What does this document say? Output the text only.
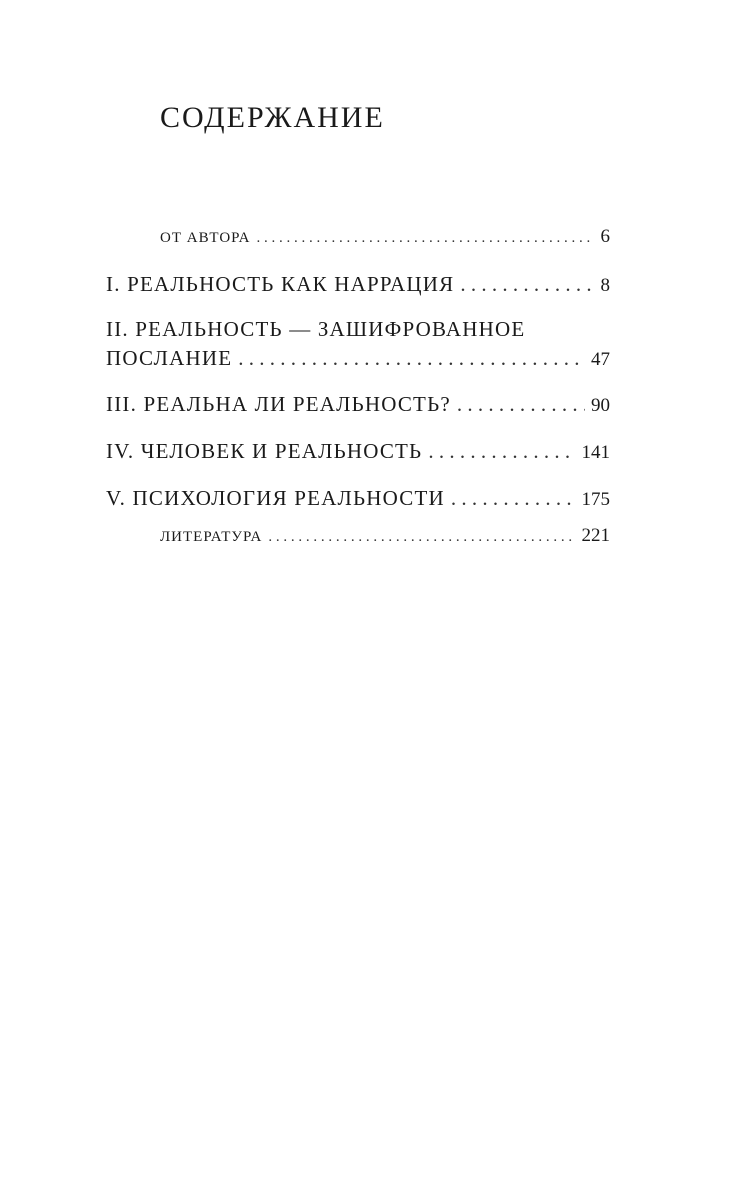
СОДЕРЖАНИЕ
ОТ АВТОРА . . .	6
I. РЕАЛЬНОСТЬ КАК НАРРАЦИЯ . . .	8
II. РЕАЛЬНОСТЬ — ЗАШИФРОВАННОЕ
ПОСЛАНИЕ . . .	47
III. РЕАЛЬНА ЛИ РЕАЛЬНОСТЬ? . . .	90
IV. ЧЕЛОВЕК И РЕАЛЬНОСТЬ . . .	141
V. ПСИХОЛОГИЯ РЕАЛЬНОСТИ . . .	175
ЛИТЕРАТУРА . . .	221
